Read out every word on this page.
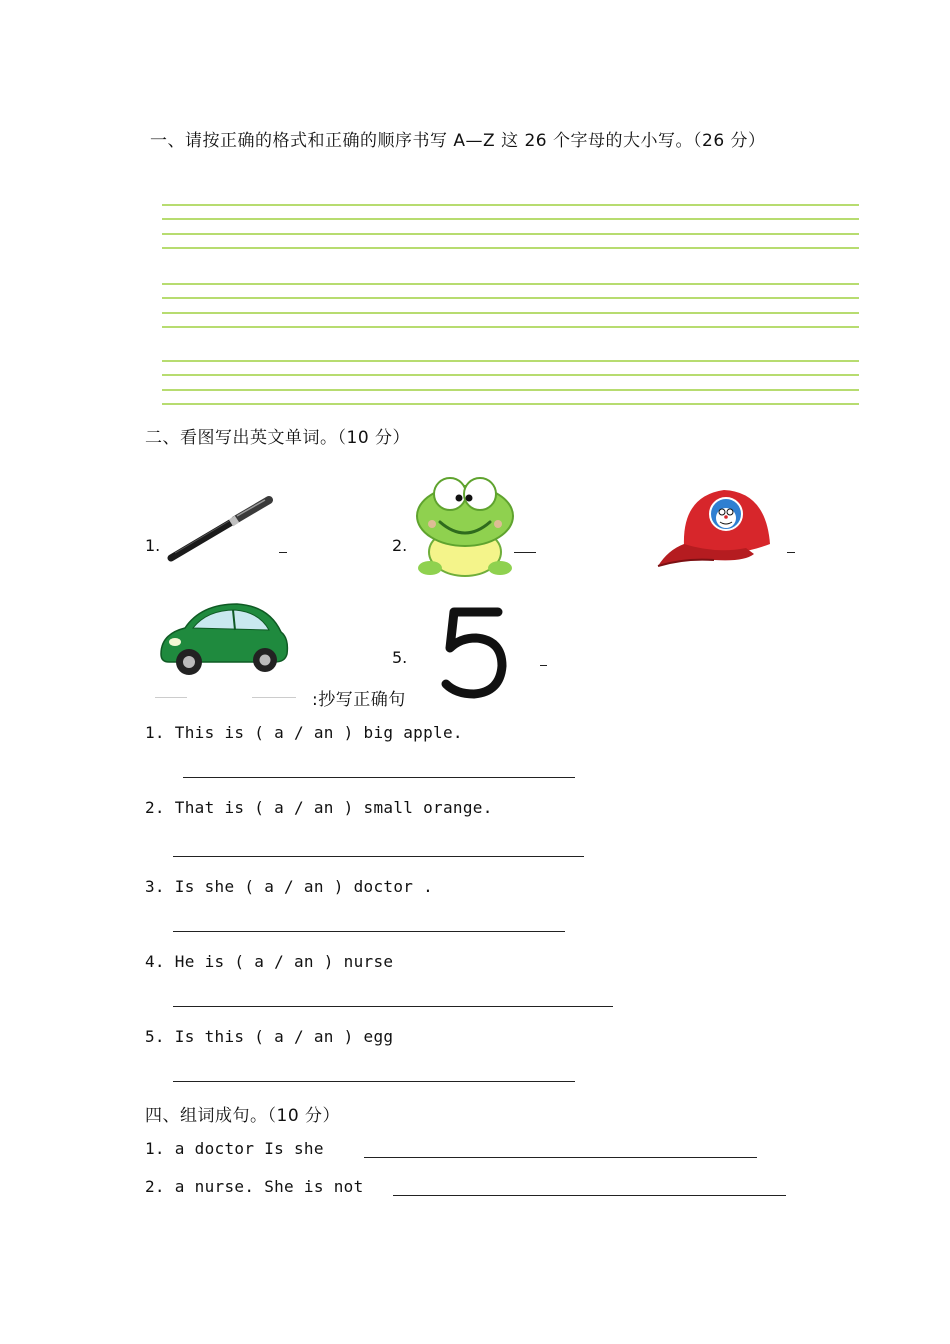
一、请按正确的格式和正确的顺序书写 A—Z 这 26 个字母的大小写。（26 分）
二、看图写出英文单词。（10 分）
1.	2.
5.
:抄写正确句
1. This is ( a / an ) big apple.
2. That is ( a / an ) small orange.
3. Is she ( a / an ) doctor .
4. He is ( a / an ) nurse
5. Is this ( a / an ) egg
四、组词成句。（10 分）
1. a doctor Is she
2. a nurse. She is not
